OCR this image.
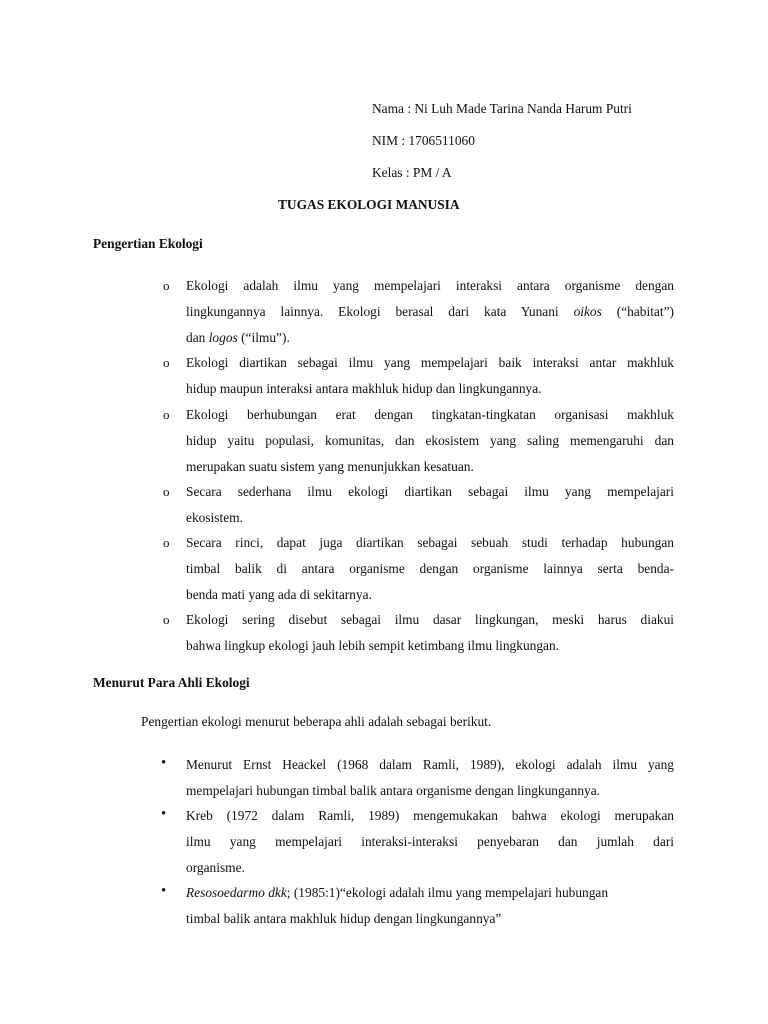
Nama : Ni Luh Made Tarina Nanda Harum Putri
NIM : 1706511060
Kelas : PM / A
TUGAS EKOLOGI MANUSIA
Pengertian Ekologi
o Ekologi adalah ilmu yang mempelajari interaksi antara organisme dengan
lingkungannya lainnya. Ekologi berasal dari kata Yunani oikos (“habitat”)
dan logos (“ilmu”).
o Ekologi diartikan sebagai ilmu yang mempelajari baik interaksi antar makhluk
hidup maupun interaksi antara makhluk hidup dan lingkungannya.
o Ekologi berhubungan erat dengan tingkatan-tingkatan organisasi makhluk
hidup yaitu populasi, komunitas, dan ekosistem yang saling memengaruhi dan
merupakan suatu sistem yang menunjukkan kesatuan.
o Secara sederhana ilmu ekologi diartikan sebagai ilmu yang mempelajari
ekosistem.
o Secara rinci, dapat juga diartikan sebagai sebuah studi terhadap hubungan
timbal balik di antara organisme dengan organisme lainnya serta benda-
benda mati yang ada di sekitarnya.
o Ekologi sering disebut sebagai ilmu dasar lingkungan, meski harus diakui
bahwa lingkup ekologi jauh lebih sempit ketimbang ilmu lingkungan.
Menurut Para Ahli Ekologi
Pengertian ekologi menurut beberapa ahli adalah sebagai berikut.
• Menurut Ernst Heackel (1968 dalam Ramli, 1989), ekologi adalah ilmu yang
mempelajari hubungan timbal balik antara organisme dengan lingkungannya.
• Kreb (1972 dalam Ramli, 1989) mengemukakan bahwa ekologi merupakan
ilmu yang mempelajari interaksi-interaksi penyebaran dan jumlah dari
organisme.
• Resosoedarmo dkk; (1985:1)“ekologi adalah ilmu yang mempelajari hubungan
timbal balik antara makhluk hidup dengan lingkungannya”
